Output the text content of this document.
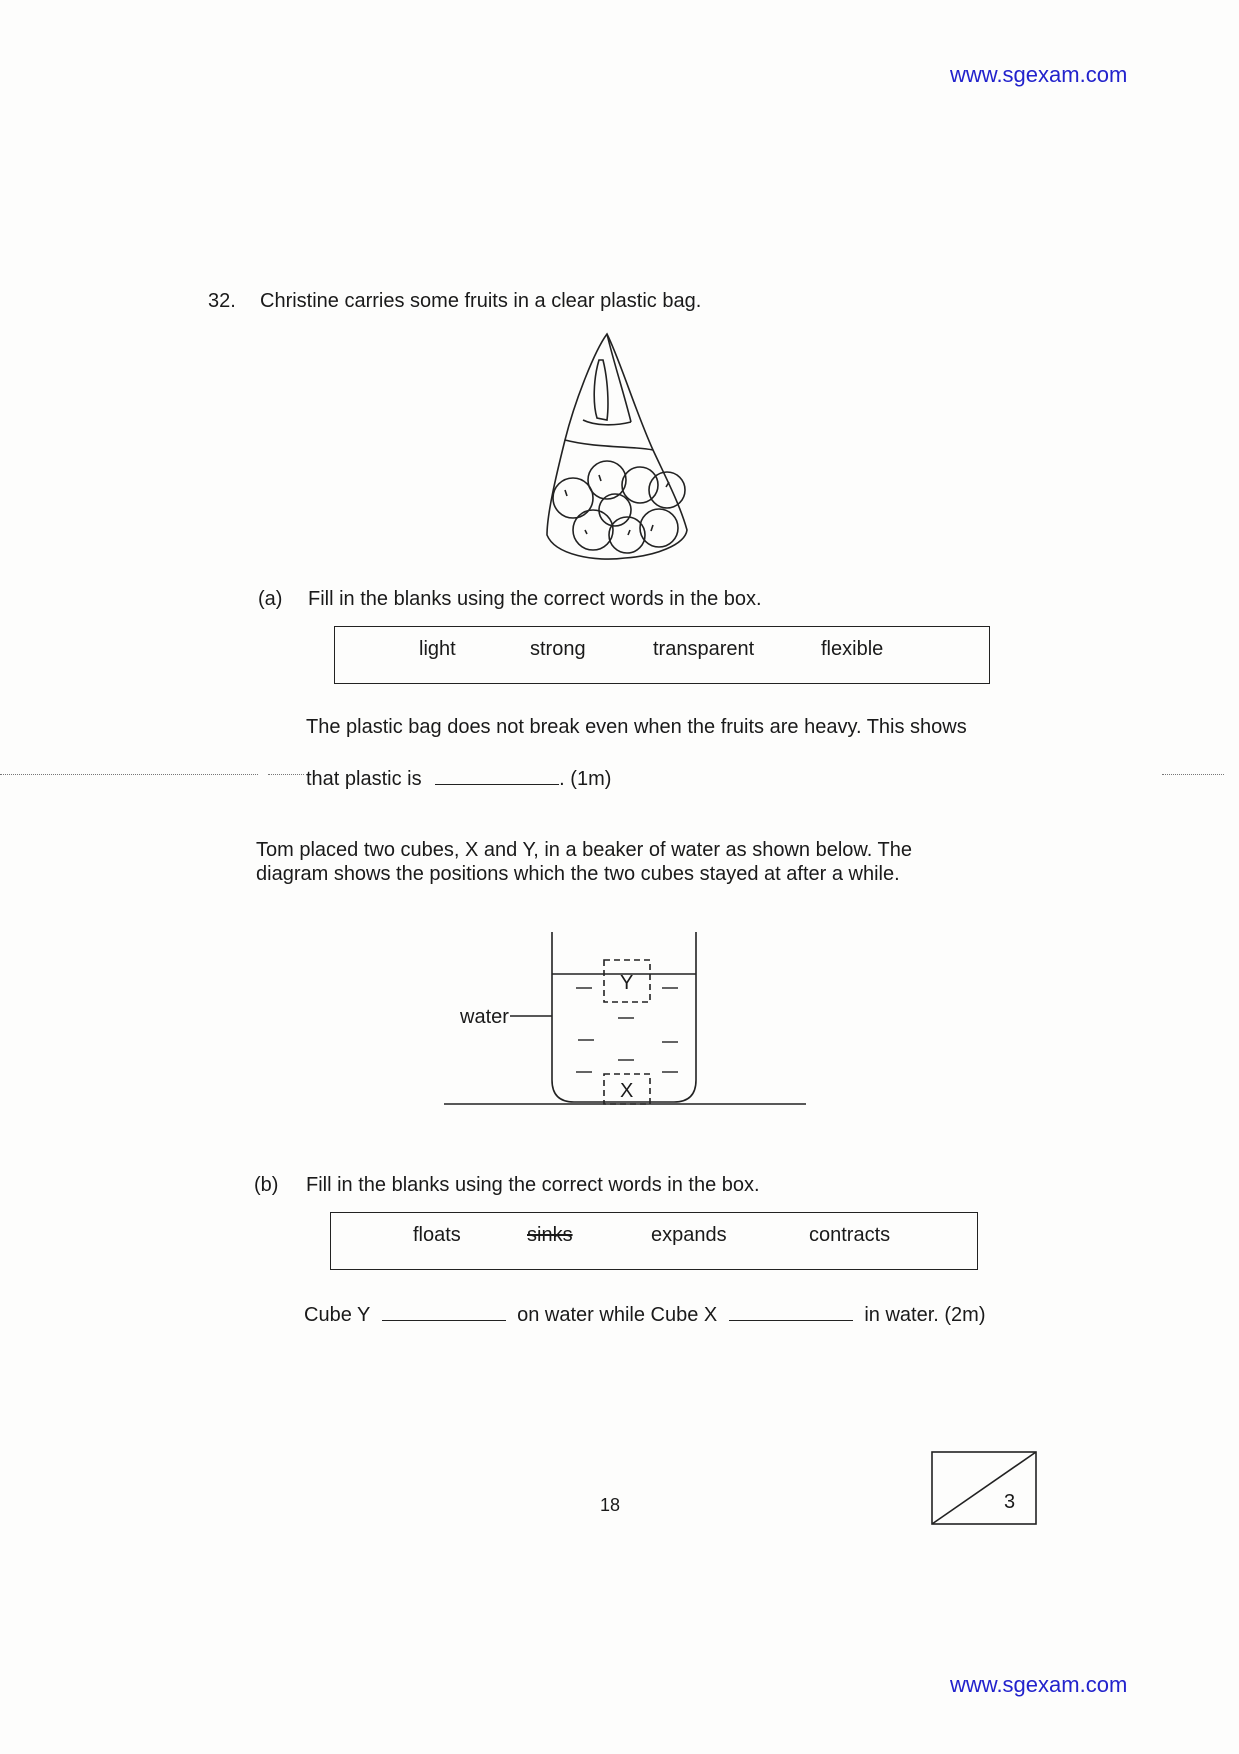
www.sgexam.com
32. Christine carries some fruits in a clear plastic bag.
(a) Fill in the blanks using the correct words in the box.
light	strong	transparent	flexible
The plastic bag does not break even when the fruits are heavy. This shows
that plastic is	. (1m)
Tom placed two cubes, X and Y, in a beaker of water as shown below. The
diagram shows the positions which the two cubes stayed at after a while.
water
Y
X
(b) Fill in the blanks using the correct words in the box.
floats	sinks	expands	contracts
Cube Y	on water while Cube X	in water. (2m)
18	3
www.sgexam.com
